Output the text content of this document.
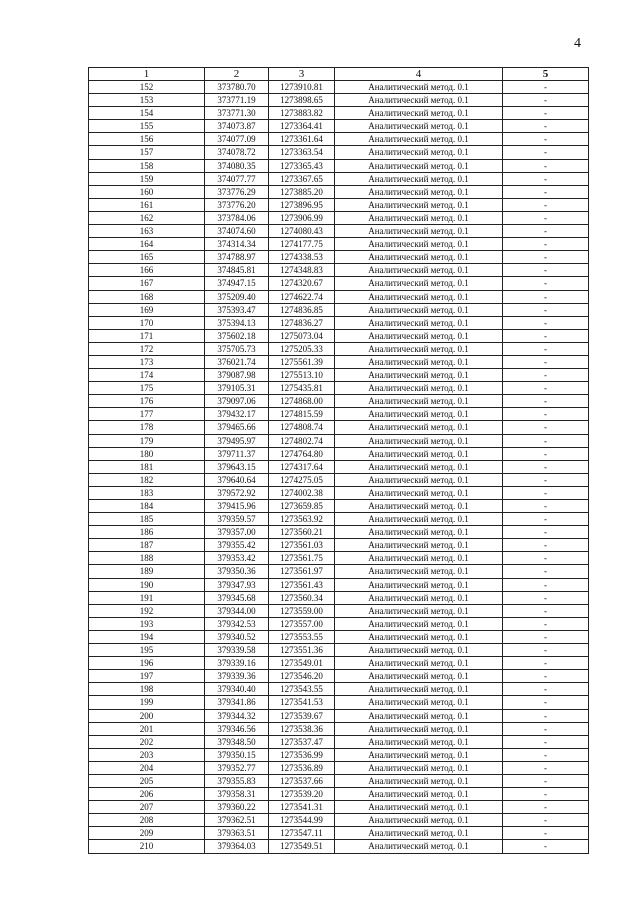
4
1	2	3	4	5
152	373780.70	1273910.81	Аналитический метод. 0.1	-
153	373771.19	1273898.65	Аналитический метод. 0.1	-
154	373771.30	1273883.82	Аналитический метод. 0.1	-
155	374073.87	1273364.41	Аналитический метод. 0.1	-
156	374077.09	1273361.64	Аналитический метод. 0.1	-
157	374078.72	1273363.54	Аналитический метод. 0.1	-
158	374080.35	1273365.43	Аналитический метод. 0.1	-
159	374077.77	1273367.65	Аналитический метод. 0.1	-
160	373776.29	1273885.20	Аналитический метод. 0.1	-
161	373776.20	1273896.95	Аналитический метод. 0.1	-
162	373784.06	1273906.99	Аналитический метод. 0.1	-
163	374074.60	1274080.43	Аналитический метод. 0.1	-
164	374314.34	1274177.75	Аналитический метод. 0.1	-
165	374788.97	1274338.53	Аналитический метод. 0.1	-
166	374845.81	1274348.83	Аналитический метод. 0.1	-
167	374947.15	1274320.67	Аналитический метод. 0.1	-
168	375209.40	1274622.74	Аналитический метод. 0.1	-
169	375393.47	1274836.85	Аналитический метод. 0.1	-
170	375394.13	1274836.27	Аналитический метод. 0.1	-
171	375602.18	1275073.04	Аналитический метод. 0.1	-
172	375705.73	1275205.33	Аналитический метод. 0.1	-
173	376021.74	1275561.39	Аналитический метод. 0.1	-
174	379087.98	1275513.10	Аналитический метод. 0.1	-
175	379105.31	1275435.81	Аналитический метод. 0.1	-
176	379097.06	1274868.00	Аналитический метод. 0.1	-
177	379432.17	1274815.59	Аналитический метод. 0.1	-
178	379465.66	1274808.74	Аналитический метод. 0.1	-
179	379495.97	1274802.74	Аналитический метод. 0.1	-
180	379711.37	1274764.80	Аналитический метод. 0.1	-
181	379643.15	1274317.64	Аналитический метод. 0.1	-
182	379640.64	1274275.05	Аналитический метод. 0.1	-
183	379572.92	1274002.38	Аналитический метод. 0.1	-
184	379415.96	1273659.85	Аналитический метод. 0.1	-
185	379359.57	1273563.92	Аналитический метод. 0.1	-
186	379357.00	1273560.21	Аналитический метод. 0.1	-
187	379355.42	1273561.03	Аналитический метод. 0.1	-
188	379353.42	1273561.75	Аналитический метод. 0.1	-
189	379350.36	1273561.97	Аналитический метод. 0.1	-
190	379347.93	1273561.43	Аналитический метод. 0.1	-
191	379345.68	1273560.34	Аналитический метод. 0.1	-
192	379344.00	1273559.00	Аналитический метод. 0.1	-
193	379342.53	1273557.00	Аналитический метод. 0.1	-
194	379340.52	1273553.55	Аналитический метод. 0.1	-
195	379339.58	1273551.36	Аналитический метод. 0.1	-
196	379339.16	1273549.01	Аналитический метод. 0.1	-
197	379339.36	1273546.20	Аналитический метод. 0.1	-
198	379340.40	1273543.55	Аналитический метод. 0.1	-
199	379341.86	1273541.53	Аналитический метод. 0.1	-
200	379344.32	1273539.67	Аналитический метод. 0.1	-
201	379346.56	1273538.36	Аналитический метод. 0.1	-
202	379348.50	1273537.47	Аналитический метод. 0.1	-
203	379350.15	1273536.99	Аналитический метод. 0.1	-
204	379352.77	1273536.89	Аналитический метод. 0.1	-
205	379355.83	1273537.66	Аналитический метод. 0.1	-
206	379358.31	1273539.20	Аналитический метод. 0.1	-
207	379360.22	1273541.31	Аналитический метод. 0.1	-
208	379362.51	1273544.99	Аналитический метод. 0.1	-
209	379363.51	1273547.11	Аналитический метод. 0.1	-
210	379364.03	1273549.51	Аналитический метод. 0.1	-
